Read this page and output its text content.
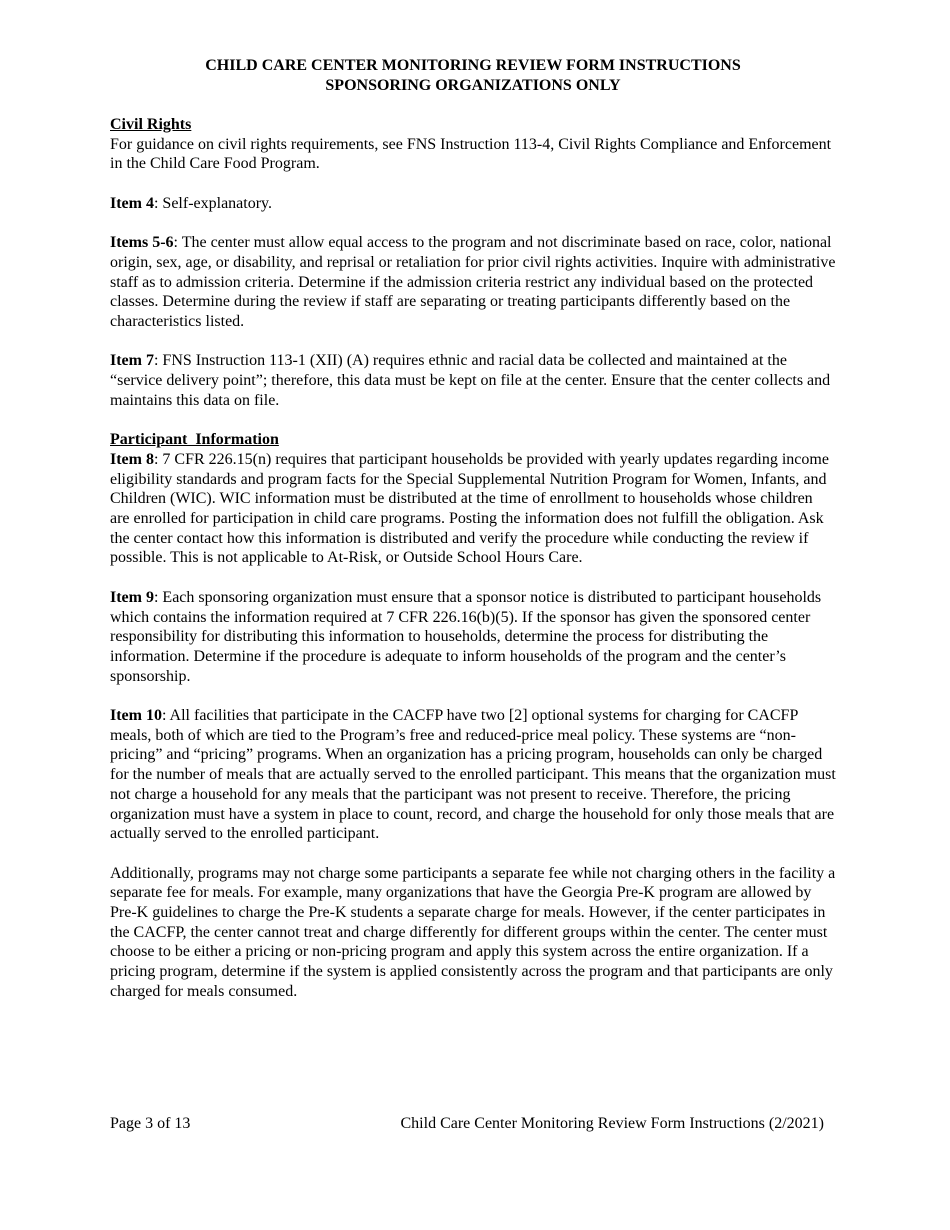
CHILD CARE CENTER MONITORING REVIEW FORM INSTRUCTIONS
SPONSORING ORGANIZATIONS ONLY
Civil Rights

For guidance on civil rights requirements, see FNS Instruction 113-4, Civil Rights Compliance and Enforcement in the Child Care Food Program.

Item 4: Self-explanatory.

Items 5-6: The center must allow equal access to the program and not discriminate based on race, color, national origin, sex, age, or disability, and reprisal or retaliation for prior civil rights activities. Inquire with administrative staff as to admission criteria. Determine if the admission criteria restrict any individual based on the protected classes. Determine during the review if staff are separating or treating participants differently based on the characteristics listed.

Item 7: FNS Instruction 113-1 (XII) (A) requires ethnic and racial data be collected and maintained at the “service delivery point”; therefore, this data must be kept on file at the center. Ensure that the center collects and maintains this data on file.

Participant  Information

Item 8: 7 CFR 226.15(n) requires that participant households be provided with yearly updates regarding income eligibility standards and program facts for the Special Supplemental Nutrition Program for Women, Infants, and Children (WIC). WIC information must be distributed at the time of enrollment to households whose children are enrolled for participation in child care programs. Posting the information does not fulfill the obligation. Ask the center contact how this information is distributed and verify the procedure while conducting the review if possible. This is not applicable to At-Risk, or Outside School Hours Care.

Item 9: Each sponsoring organization must ensure that a sponsor notice is distributed to participant households which contains the information required at 7 CFR 226.16(b)(5). If the sponsor has given the sponsored center responsibility for distributing this information to households, determine the process for distributing the information. Determine if the procedure is adequate to inform households of the program and the center’s sponsorship.

Item 10: All facilities that participate in the CACFP have two [2] optional systems for charging for CACFP meals, both of which are tied to the Program’s free and reduced-price meal policy. These systems are “non-pricing” and “pricing” programs. When an organization has a pricing program, households can only be charged for the number of meals that are actually served to the enrolled participant. This means that the organization must not charge a household for any meals that the participant was not present to receive. Therefore, the pricing organization must have a system in place to count, record, and charge the household for only those meals that are actually served to the enrolled participant.

Additionally, programs may not charge some participants a separate fee while not charging others in the facility a separate fee for meals. For example, many organizations that have the Georgia Pre-K program are allowed by Pre-K guidelines to charge the Pre-K students a separate charge for meals. However, if the center participates in the CACFP, the center cannot treat and charge differently for different groups within the center. The center must choose to be either a pricing or non-pricing program and apply this system across the entire organization. If a pricing program, determine if the system is applied consistently across the program and that participants are only charged for meals consumed.

Page 3 of 13	Child Care Center Monitoring Review Form Instructions (2/2021)
